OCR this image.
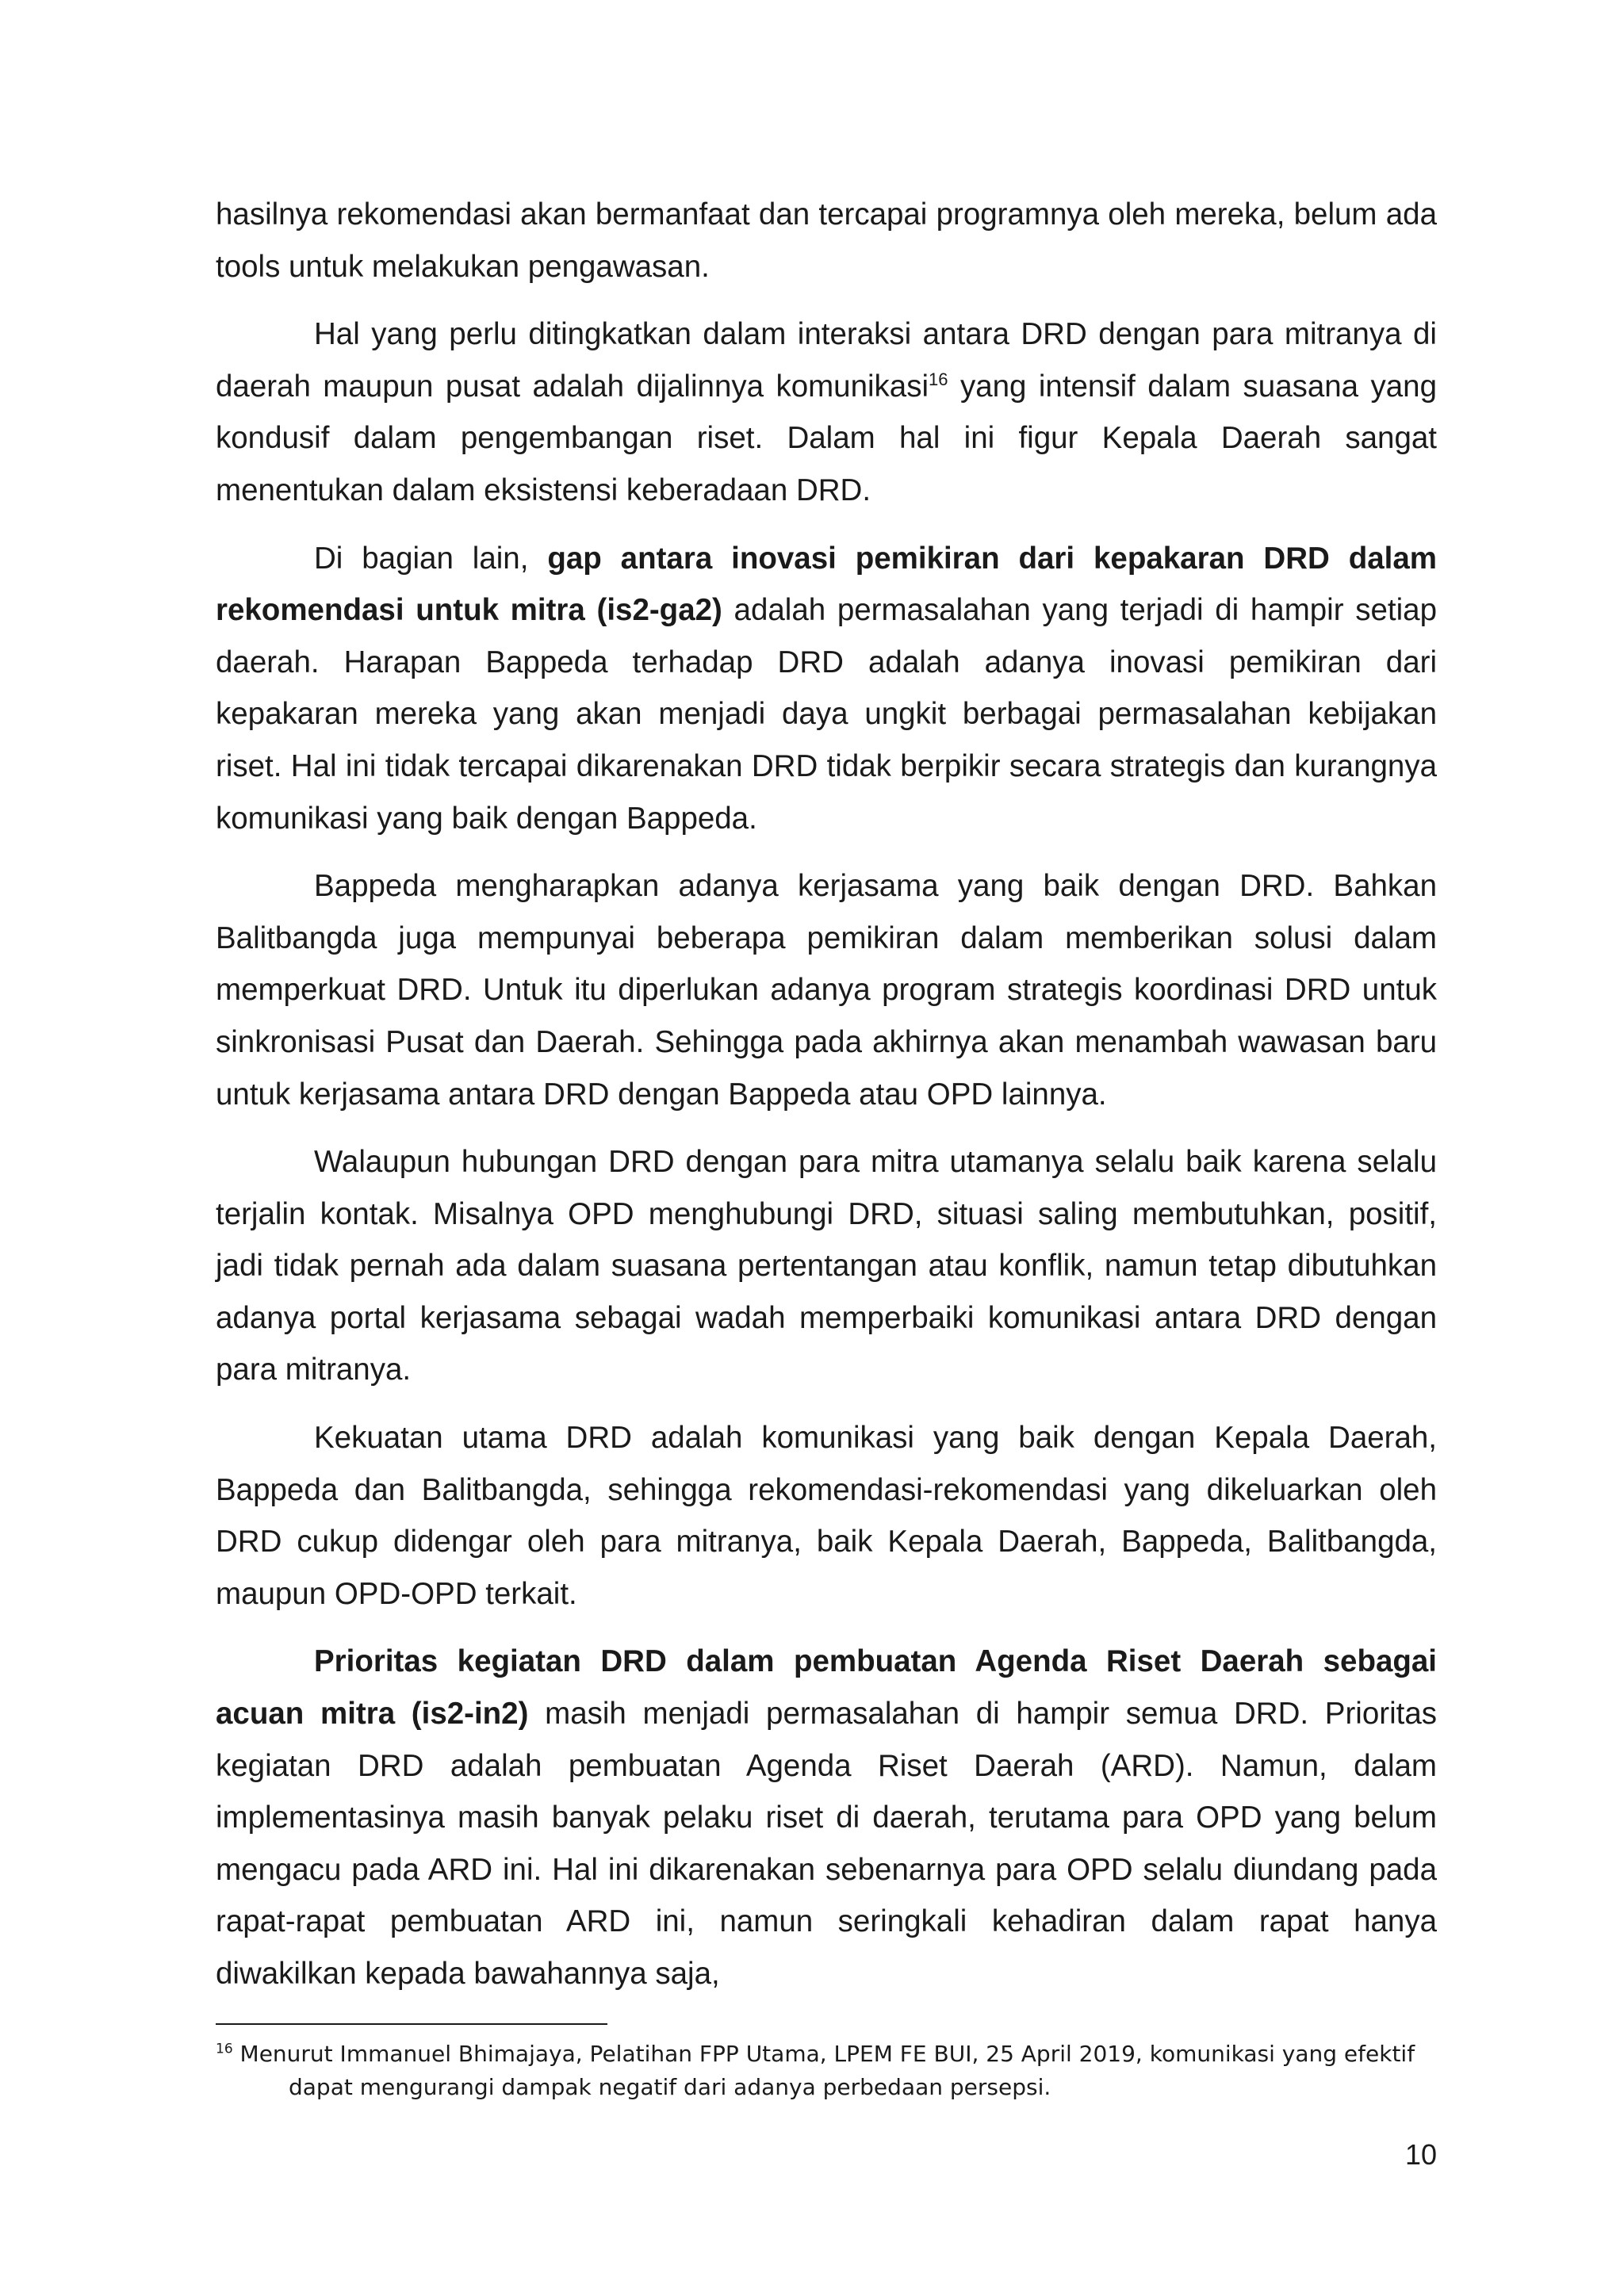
hasilnya rekomendasi akan bermanfaat dan tercapai programnya oleh mereka, belum ada tools untuk melakukan pengawasan.

Hal yang perlu ditingkatkan dalam interaksi antara DRD dengan para mitranya di daerah maupun pusat adalah dijalinnya komunikasi$^{16}$ yang intensif dalam suasana yang kondusif dalam pengembangan riset. Dalam hal ini figur Kepala Daerah sangat menentukan dalam eksistensi keberadaan DRD.

Di bagian lain, gap antara inovasi pemikiran dari kepakaran DRD dalam rekomendasi untuk mitra (is2-ga2) adalah permasalahan yang terjadi di hampir setiap daerah. Harapan Bappeda terhadap DRD adalah adanya inovasi pemikiran dari kepakaran mereka yang akan menjadi daya ungkit berbagai permasalahan kebijakan riset. Hal ini tidak tercapai dikarenakan DRD tidak berpikir secara strategis dan kurangnya komunikasi yang baik dengan Bappeda.

Bappeda mengharapkan adanya kerjasama yang baik dengan DRD. Bahkan Balitbangda juga mempunyai beberapa pemikiran dalam memberikan solusi dalam memperkuat DRD. Untuk itu diperlukan adanya program strategis koordinasi DRD untuk sinkronisasi Pusat dan Daerah. Sehingga pada akhirnya akan menambah wawasan baru untuk kerjasama antara DRD dengan Bappeda atau OPD lainnya.

Walaupun hubungan DRD dengan para mitra utamanya selalu baik karena selalu terjalin kontak. Misalnya OPD menghubungi DRD, situasi saling membutuhkan, positif, jadi tidak pernah ada dalam suasana pertentangan atau konflik, namun tetap dibutuhkan adanya portal kerjasama sebagai wadah memperbaiki komunikasi antara DRD dengan para mitranya.

Kekuatan utama DRD adalah komunikasi yang baik dengan Kepala Daerah, Bappeda dan Balitbangda, sehingga rekomendasi-rekomendasi yang dikeluarkan oleh DRD cukup didengar oleh para mitranya, baik Kepala Daerah, Bappeda, Balitbangda, maupun OPD-OPD terkait.

Prioritas kegiatan DRD dalam pembuatan Agenda Riset Daerah sebagai acuan mitra (is2-in2) masih menjadi permasalahan di hampir semua DRD. Prioritas kegiatan DRD adalah pembuatan Agenda Riset Daerah (ARD). Namun, dalam implementasinya masih banyak pelaku riset di daerah, terutama para OPD yang belum mengacu pada ARD ini. Hal ini dikarenakan sebenarnya para OPD selalu diundang pada rapat-rapat pembuatan ARD ini, namun seringkali kehadiran dalam rapat hanya diwakilkan kepada bawahannya saja,

$^{16}$ Menurut Immanuel Bhimajaya, Pelatihan FPP Utama, LPEM FE BUI, 25 April 2019, komunikasi yang efektif
dapat mengurangi dampak negatif dari adanya perbedaan persepsi.
10
